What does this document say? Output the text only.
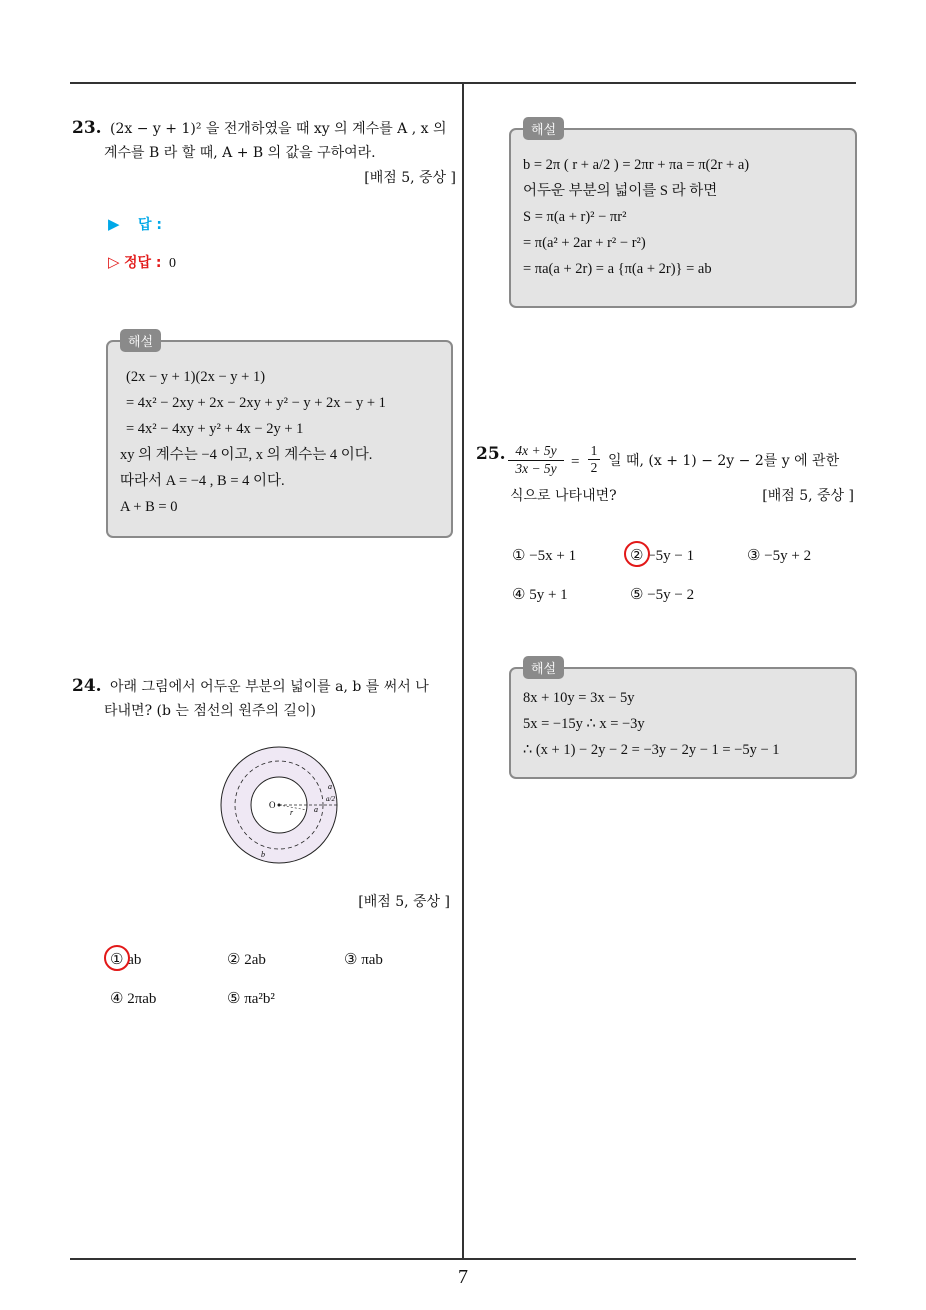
7
23. (2x − y + 1)² 을 전개하였을 때 xy 의 계수를 A , x 의
계수를 B 라 할 때, A + B 의 값을 구하여라.
[배점 5, 중상 ]
▶ 답 :
▷ 정답 : 0
해설
(2x − y + 1)(2x − y + 1)
= 4x² − 2xy + 2x − 2xy + y² − y + 2x − y + 1
= 4x² − 4xy + y² + 4x − 2y + 1
xy 의 계수는 −4 이고, x 의 계수는 4 이다.
따라서 A = −4 , B = 4 이다.
A + B = 0
24. 아래 그림에서 어두운 부분의 넓이를 a, b 를 써서 나
타내면? (b 는 점선의 원주의 길이)
O
r
a
a/2
a
b
[배점 5, 중상 ]
① ab	② 2ab	③ πab
④ 2πab	⑤ πa²b²
해설
b = 2π ( r + a/2 ) = 2πr + πa = π(2r + a)
어두운 부분의 넓이를 S 라 하면
S = π(a + r)² − πr²
= π(a² + 2ar + r² − r²)
= πa(a + 2r) = a {π(a + 2r)} = ab
25. $\frac{4x + 5y}{3x - 5y} = \frac{1}{2}$ 일 때, (x + 1) − 2y − 2를 y 에 관한
식으로 나타내면?	[배점 5, 중상 ]
① −5x + 1	② −5y − 1	③ −5y + 2
④ 5y + 1	⑤ −5y − 2
해설
8x + 10y = 3x − 5y
5x = −15y ∴ x = −3y
∴ (x + 1) − 2y − 2 = −3y − 2y − 1 = −5y − 1
